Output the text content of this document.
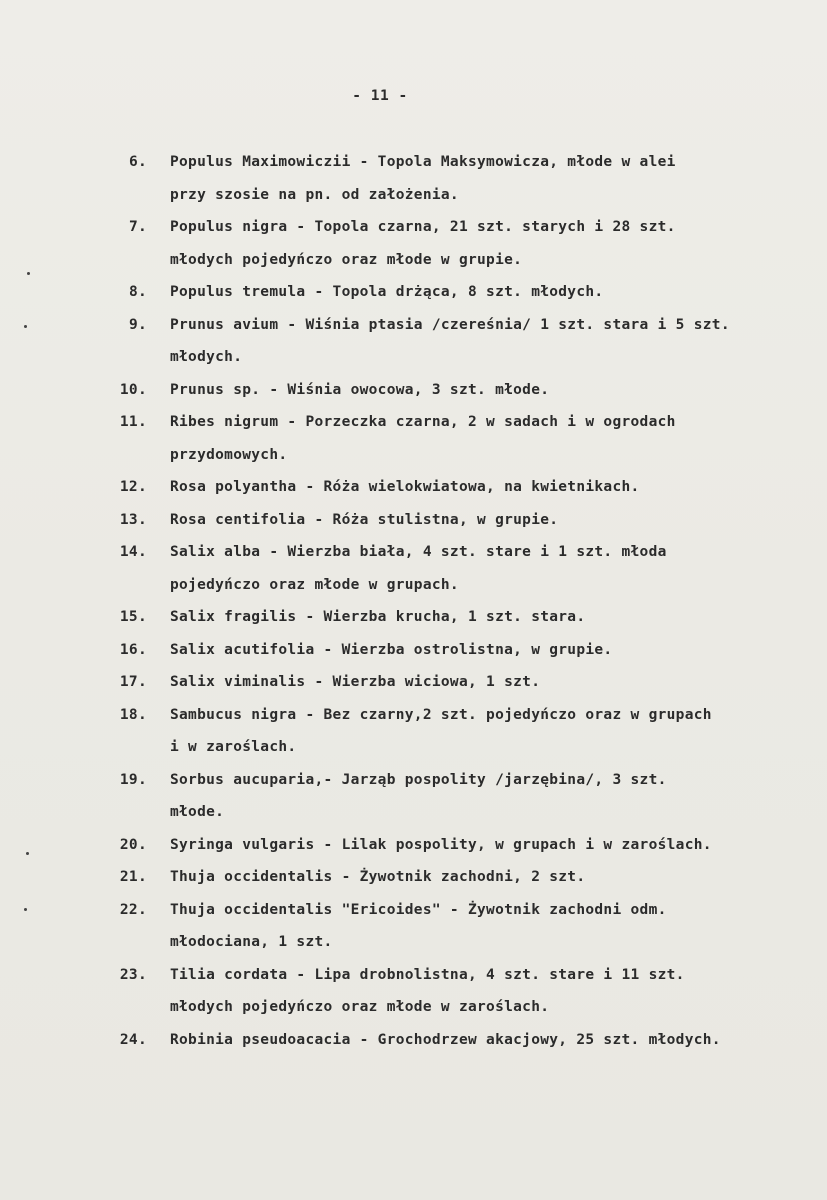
- 11 -
6.	Populus Maximowiczii - Topola Maksymowicza, młode w alei
przy szosie na pn. od założenia.
7.	Populus nigra - Topola czarna, 21 szt. starych i 28 szt.
młodych pojedyńczo oraz młode w grupie.
8.	Populus tremula - Topola drżąca, 8 szt. młodych.
9.	Prunus avium - Wiśnia ptasia /czereśnia/ 1 szt. stara i 5 szt.
młodych.
10.	Prunus sp. - Wiśnia owocowa, 3 szt. młode.
11.	Ribes nigrum - Porzeczka czarna, 2 w sadach i w ogrodach
przydomowych.
12.	Rosa polyantha - Róża wielokwiatowa, na kwietnikach.
13.	Rosa centifolia - Róża stulistna, w grupie.
14.	Salix alba - Wierzba biała, 4 szt. stare i 1 szt. młoda
pojedyńczo oraz młode w grupach.
15.	Salix fragilis - Wierzba krucha, 1 szt. stara.
16.	Salix acutifolia - Wierzba ostrolistna, w grupie.
17.	Salix viminalis - Wierzba wiciowa, 1 szt.
18.	Sambucus nigra - Bez czarny,2 szt. pojedyńczo oraz w grupach
i w zaroślach.
19.	Sorbus aucuparia,- Jarząb pospolity /jarzębina/, 3 szt.
młode.
20.	Syringa vulgaris - Lilak pospolity, w grupach i w zaroślach.
21.	Thuja occidentalis - Żywotnik zachodni, 2 szt.
22.	Thuja occidentalis "Ericoides" - Żywotnik zachodni odm.
młodociana, 1 szt.
23.	Tilia cordata - Lipa drobnolistna, 4 szt. stare i 11 szt.
młodych pojedyńczo oraz młode w zaroślach.
24.	Robinia pseudoacacia - Grochodrzew akacjowy, 25 szt. młodych.
